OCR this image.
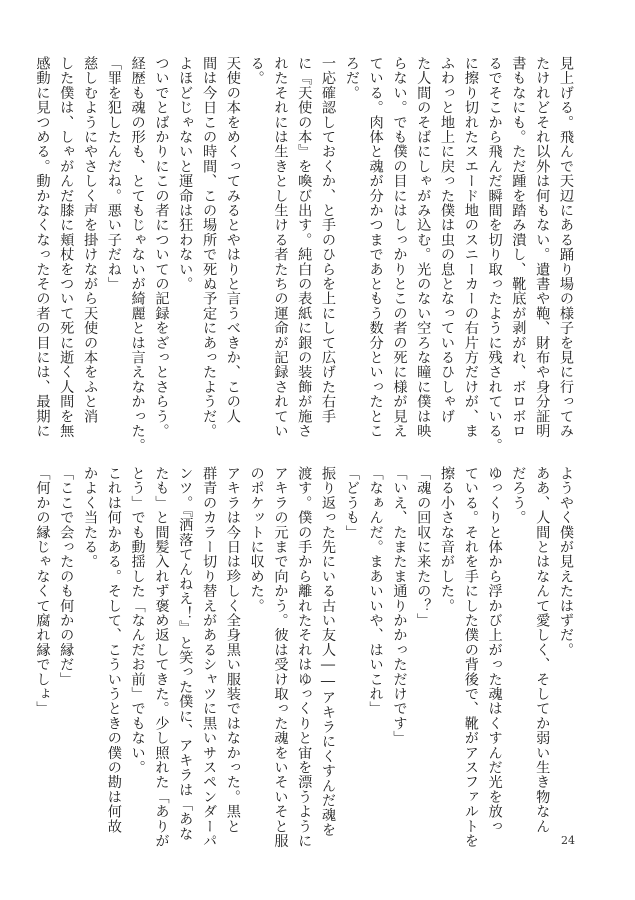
見上げる。飛んで天辺にある踊り場の様子を見に行ってみ
たけれどそれ以外は何もない。遺書や鞄、財布や身分証明
書もなにも。ただ踵を踏み潰し、靴底が剥がれ、ボロボロ
るでそこから飛んだ瞬間を切り取ったように残されている。
に擦り切れたスエード地のスニーカーの右片方だけが、ま
ふわっと地上に戻った僕は虫の息となっているひしゃげ
た人間のそばにしゃがみ込む。光のない空ろな瞳に僕は映
らない。でも僕の目にはしっかりとこの者の死に様が見え
ている。肉体と魂が分かつまであともう数分といったとこ
ろだ。
一応確認しておくか、と手のひらを上にして広げた右手
に『天使の本』を喚び出す。純白の表紙に銀の装飾が施さ
れたそれには生きとし生ける者たちの運命が記録されてい
る。
天使の本をめくってみるとやはりと言うべきか、この人
間は今日この時間、この場所で死ぬ予定にあったようだ。
よほどじゃないと運命は狂わない。
ついでとばかりにこの者についての記録をざっとさらう。
経歴も魂の形も、とてもじゃないが綺麗とは言えなかった。
「罪を犯したんだね。悪い子だね」
慈しむようにやさしく声を掛けながら天使の本をふと消
した僕は、しゃがんだ膝に頬杖をついて死に逝く人間を無
感動に見つめる。動かなくなったその者の目には、最期に
ようやく僕が見えたはずだ。
ああ、人間とはなんて愛しく、そしてか弱い生き物なん
だろう。
ゆっくりと体から浮かび上がった魂はくすんだ光を放っ
ている。それを手にした僕の背後で、靴がアスファルトを
擦る小さな音がした。
「魂の回収に来たの？」
「いえ、たまたま通りかかっただけです」
「なぁんだ。まあいいや、はいこれ」
「どうも」
振り返った先にいる古い友人――アキラにくすんだ魂を
渡す。僕の手から離れたそれはゆっくりと宙を漂うように
アキラの元まで向かう。彼は受け取った魂をいそいそと服
のポケットに収めた。
アキラは今日は珍しく全身黒い服装ではなかった。黒と
群青のカラー切り替えがあるシャツに黒いサスペンダーパ
ンツ。『洒落てんねえ！』と笑った僕に、アキラは「あな
たも」と間髪入れず褒め返してきた。少し照れた「ありが
とう」でも動揺した「なんだお前」でもない。
これは何かある。そして、こういうときの僕の勘は何故
かよく当たる。
「ここで会ったのも何かの縁だ」
「何かの縁じゃなくて腐れ縁でしょ」
24
